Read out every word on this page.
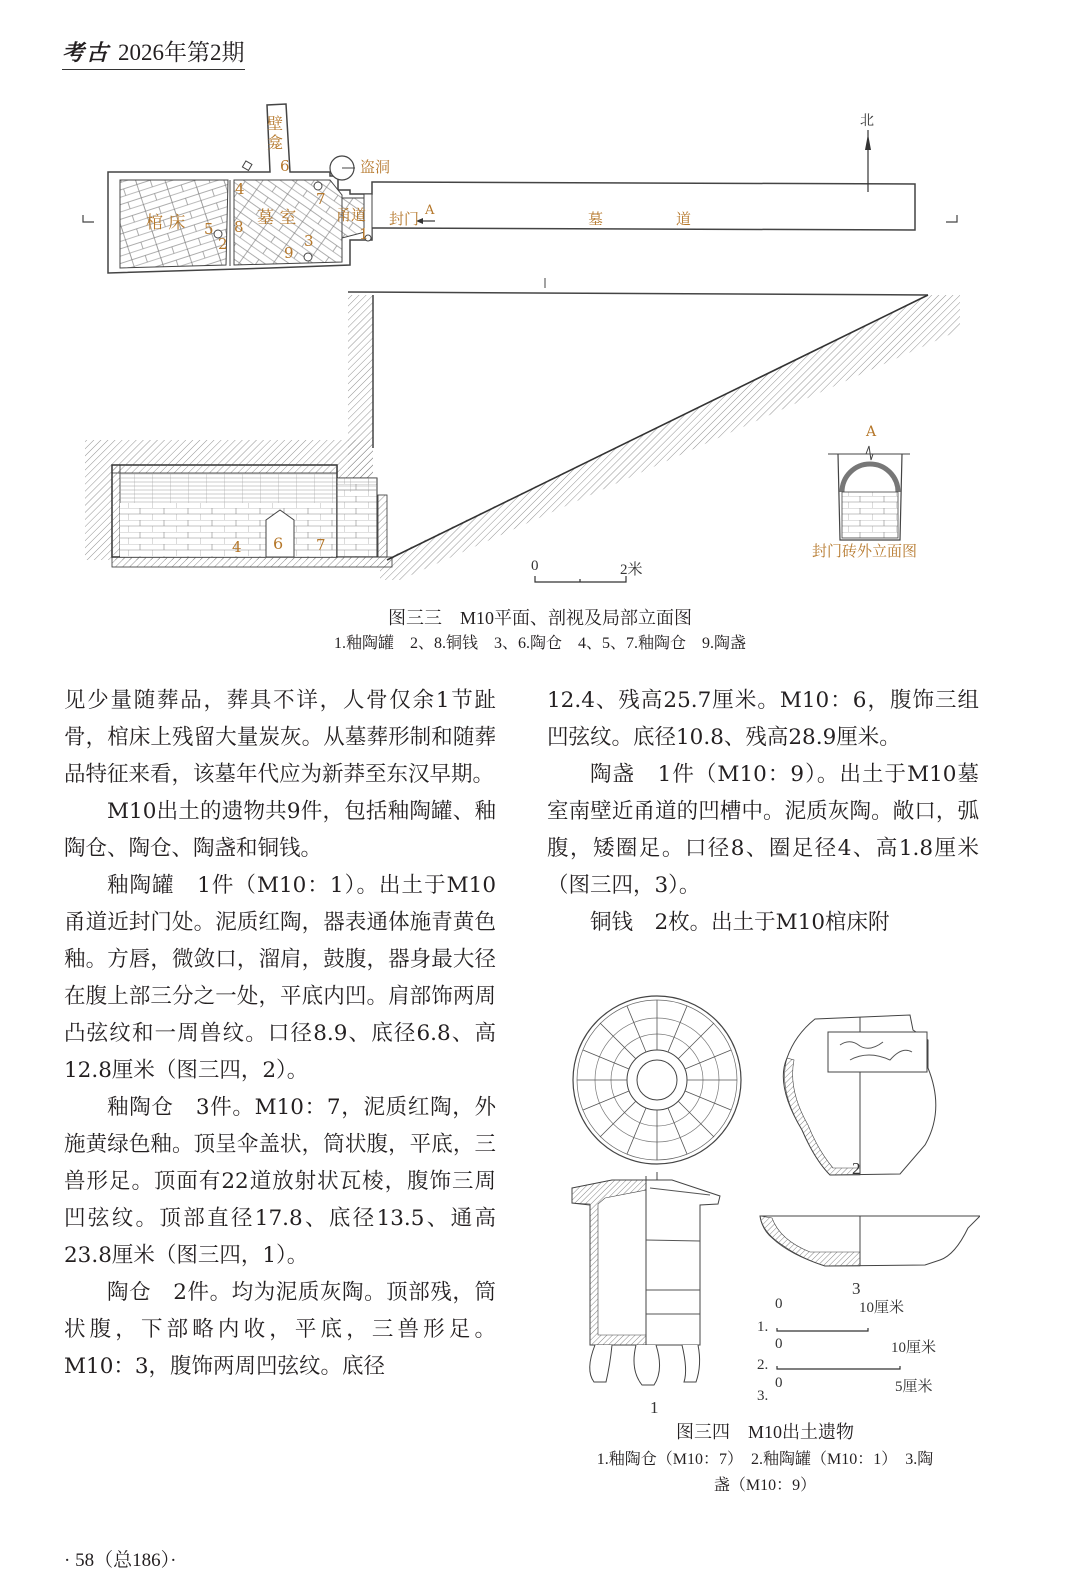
考古 2026年第2期
壁龛
盗洞
棺 床	墓 室	甬道 封门 A	墓	道
北
1
2	3
4
5
6
7
8
9
4 6 7
A
封门砖外立面图
0	2米
图三三　M10平面、剖视及局部立面图
1.釉陶罐　2、8.铜钱　3、6.陶仓　4、5、7.釉陶仓　9.陶盏

见少量随葬品，葬具不详，人骨仅余1节趾骨，棺床上残留大量炭灰。从墓葬形制和随葬品特征来看，该墓年代应为新莽至东汉早期。

M10出土的遗物共9件，包括釉陶罐、釉陶仓、陶仓、陶盏和铜钱。

釉陶罐　1件（M10：1）。出土于M10甬道近封门处。泥质红陶，器表通体施青黄色釉。方唇，微敛口，溜肩，鼓腹，器身最大径在腹上部三分之一处，平底内凹。肩部饰两周凸弦纹和一周兽纹。口径8.9、底径6.8、高12.8厘米（图三四，2）。

釉陶仓　3件。M10：7，泥质红陶，外施黄绿色釉。顶呈伞盖状，筒状腹，平底，三兽形足。顶面有22道放射状瓦棱，腹饰三周凹弦纹。顶部直径17.8、底径13.5、通高23.8厘米（图三四，1）。

陶仓　2件。均为泥质灰陶。顶部残，筒状腹，下部略内收，平底，三兽形足。M10：3，腹饰两周凹弦纹。底径

12.4、残高25.7厘米。M10：6，腹饰三组凹弦纹。底径10.8、残高28.9厘米。

陶盏　1件（M10：9）。出土于M10墓室南壁近甬道的凹槽中。泥质灰陶。敞口，弧腹，矮圈足。口径8、圈足径4、高1.8厘米（图三四，3）。

铜钱　2枚。出土于M10棺床附

2
3
1
1.
0	10厘米
2.
0	10厘米
3.
0	5厘米
图三四　M10出土遗物
1.釉陶仓（M10：7）　2.釉陶罐（M10：1）　3.陶
盏（M10：9）
· 58（总186）·
